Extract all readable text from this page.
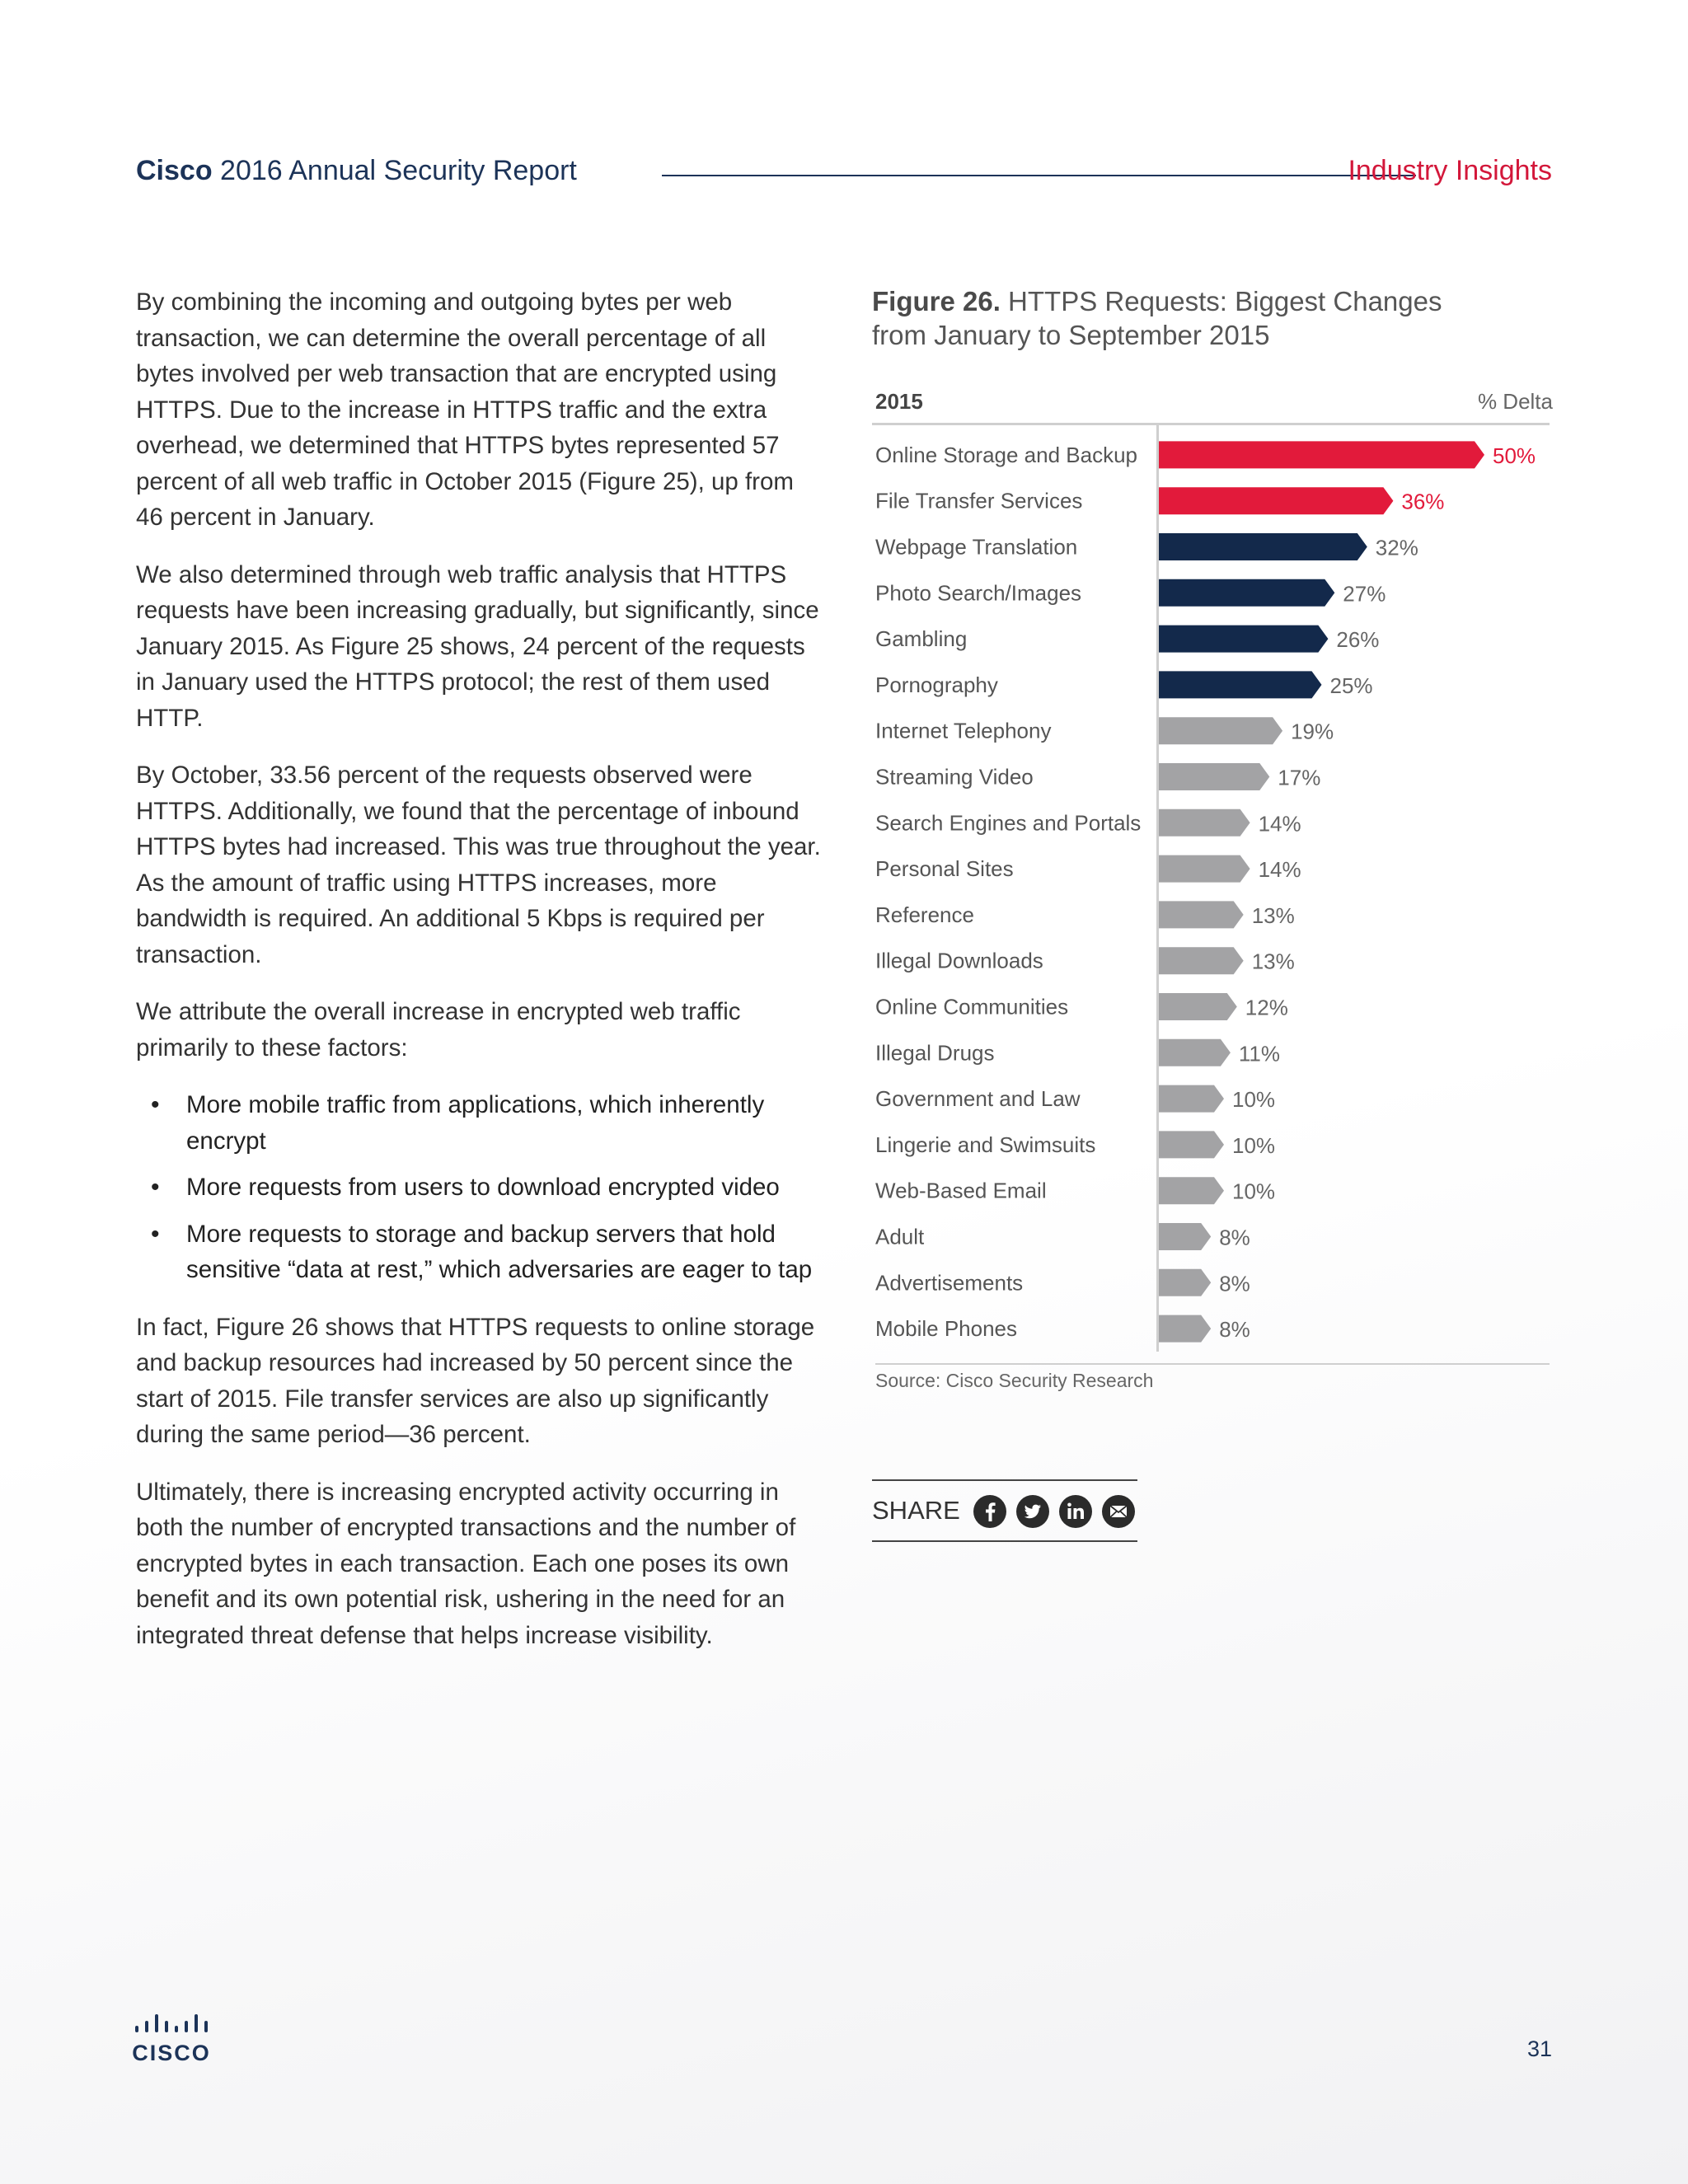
Cisco 2016 Annual Security Report	Industry Insights

By combining the incoming and outgoing bytes per web transaction, we can determine the overall percentage of all bytes involved per web transaction that are encrypted using HTTPS. Due to the increase in HTTPS traffic and the extra overhead, we determined that HTTPS bytes represented 57 percent of all web traffic in October 2015 (Figure 25), up from 46 percent in January.

We also determined through web traffic analysis that HTTPS requests have been increasing gradually, but significantly, since January 2015. As Figure 25 shows, 24 percent of the requests in January used the HTTPS protocol; the rest of them used HTTP.

By October, 33.56 percent of the requests observed were HTTPS. Additionally, we found that the percentage of inbound HTTPS bytes had increased. This was true throughout the year. As the amount of traffic using HTTPS increases, more bandwidth is required. An additional 5 Kbps is required per transaction.

We attribute the overall increase in encrypted web traffic primarily to these factors:

• More mobile traffic from applications, which inherently encrypt
• More requests from users to download encrypted video
• More requests to storage and backup servers that hold sensitive “data at rest,” which adversaries are eager to tap

In fact, Figure 26 shows that HTTPS requests to online storage and backup resources had increased by 50 percent since the start of 2015. File transfer services are also up significantly during the same period—36 percent.

Ultimately, there is increasing encrypted activity occurring in both the number of encrypted transactions and the number of encrypted bytes in each transaction. Each one poses its own benefit and its own potential risk, ushering in the need for an integrated threat defense that helps increase visibility.

Figure 26. HTTPS Requests: Biggest Changes from January to September 2015

2015	% Delta
Online Storage and Backup	50%
File Transfer Services	36%
Webpage Translation	32%
Photo Search/Images	27%
Gambling	26%
Pornography	25%
Internet Telephony	19%
Streaming Video	17%
Search Engines and Portals	14%
Personal Sites	14%
Reference	13%
Illegal Downloads	13%
Online Communities	12%
Illegal Drugs	11%
Government and Law	10%
Lingerie and Swimsuits	10%
Web-Based Email	10%
Adult	8%
Advertisements	8%
Mobile Phones	8%
Source: Cisco Security Research
SHARE
CISCO	31
